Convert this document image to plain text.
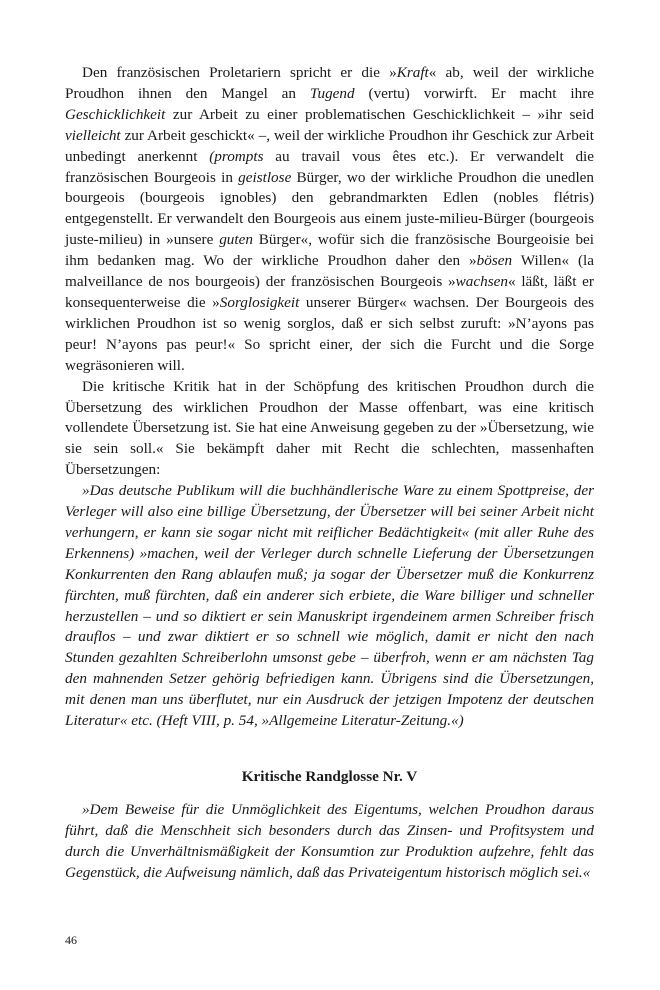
Den französischen Proletariern spricht er die »Kraft« ab, weil der wirkliche Proudhon ihnen den Mangel an Tugend (vertu) vorwirft. Er macht ihre Geschicklichkeit zur Arbeit zu einer problematischen Geschicklichkeit – »ihr seid vielleicht zur Arbeit geschickt« –, weil der wirkliche Proudhon ihr Geschick zur Arbeit unbedingt anerkennt (prompts au travail vous êtes etc.). Er verwandelt die französischen Bourgeois in geistlose Bürger, wo der wirkliche Proudhon die unedlen bourgeois (bourgeois ignobles) den gebrandmarkten Edlen (nobles flétris) entgegenstellt. Er verwandelt den Bourgeois aus einem juste-milieu-Bürger (bourgeois juste-milieu) in »unsere guten Bürger«, wofür sich die französische Bourgeoisie bei ihm bedanken mag. Wo der wirkliche Proudhon daher den »bösen Willen« (la malveillance de nos bourgeois) der französischen Bourgeois »wachsen« läßt, läßt er konsequenterweise die »Sorglosigkeit unserer Bürger« wachsen. Der Bourgeois des wirklichen Proudhon ist so wenig sorglos, daß er sich selbst zuruft: »N’ayons pas peur! N’ayons pas peur!« So spricht einer, der sich die Furcht und die Sorge wegräsonieren will.

Die kritische Kritik hat in der Schöpfung des kritischen Proudhon durch die Übersetzung des wirklichen Proudhon der Masse offenbart, was eine kritisch vollendete Übersetzung ist. Sie hat eine Anweisung gegeben zu der »Übersetzung, wie sie sein soll.« Sie bekämpft daher mit Recht die schlechten, massenhaften Übersetzungen:

»Das deutsche Publikum will die buchhändlerische Ware zu einem Spottpreise, der Verleger will also eine billige Übersetzung, der Übersetzer will bei seiner Arbeit nicht verhungern, er kann sie sogar nicht mit reiflicher Bedächtigkeit« (mit aller Ruhe des Erkennens) »machen, weil der Verleger durch schnelle Lieferung der Übersetzungen Konkurrenten den Rang ablaufen muß; ja sogar der Übersetzer muß die Konkurrenz fürchten, muß fürchten, daß ein anderer sich erbiete, die Ware billiger und schneller herzustellen – und so diktiert er sein Manuskript irgendeinem armen Schreiber frisch drauflos – und zwar diktiert er so schnell wie möglich, damit er nicht den nach Stunden gezahlten Schreiberlohn umsonst gebe – überfroh, wenn er am nächsten Tag den mahnenden Setzer gehörig befriedigen kann. Übrigens sind die Übersetzungen, mit denen man uns überflutet, nur ein Ausdruck der jetzigen Impotenz der deutschen Literatur« etc. (Heft VIII, p. 54, »Allgemeine Literatur-Zeitung.«)

Kritische Randglosse Nr. V

»Dem Beweise für die Unmöglichkeit des Eigentums, welchen Proudhon daraus führt, daß die Menschheit sich besonders durch das Zinsen- und Profitsystem und durch die Unverhältnismäßigkeit der Konsumtion zur Produktion aufzehre, fehlt das Gegenstück, die Aufweisung nämlich, daß das Privateigentum historisch möglich sei.«

46
